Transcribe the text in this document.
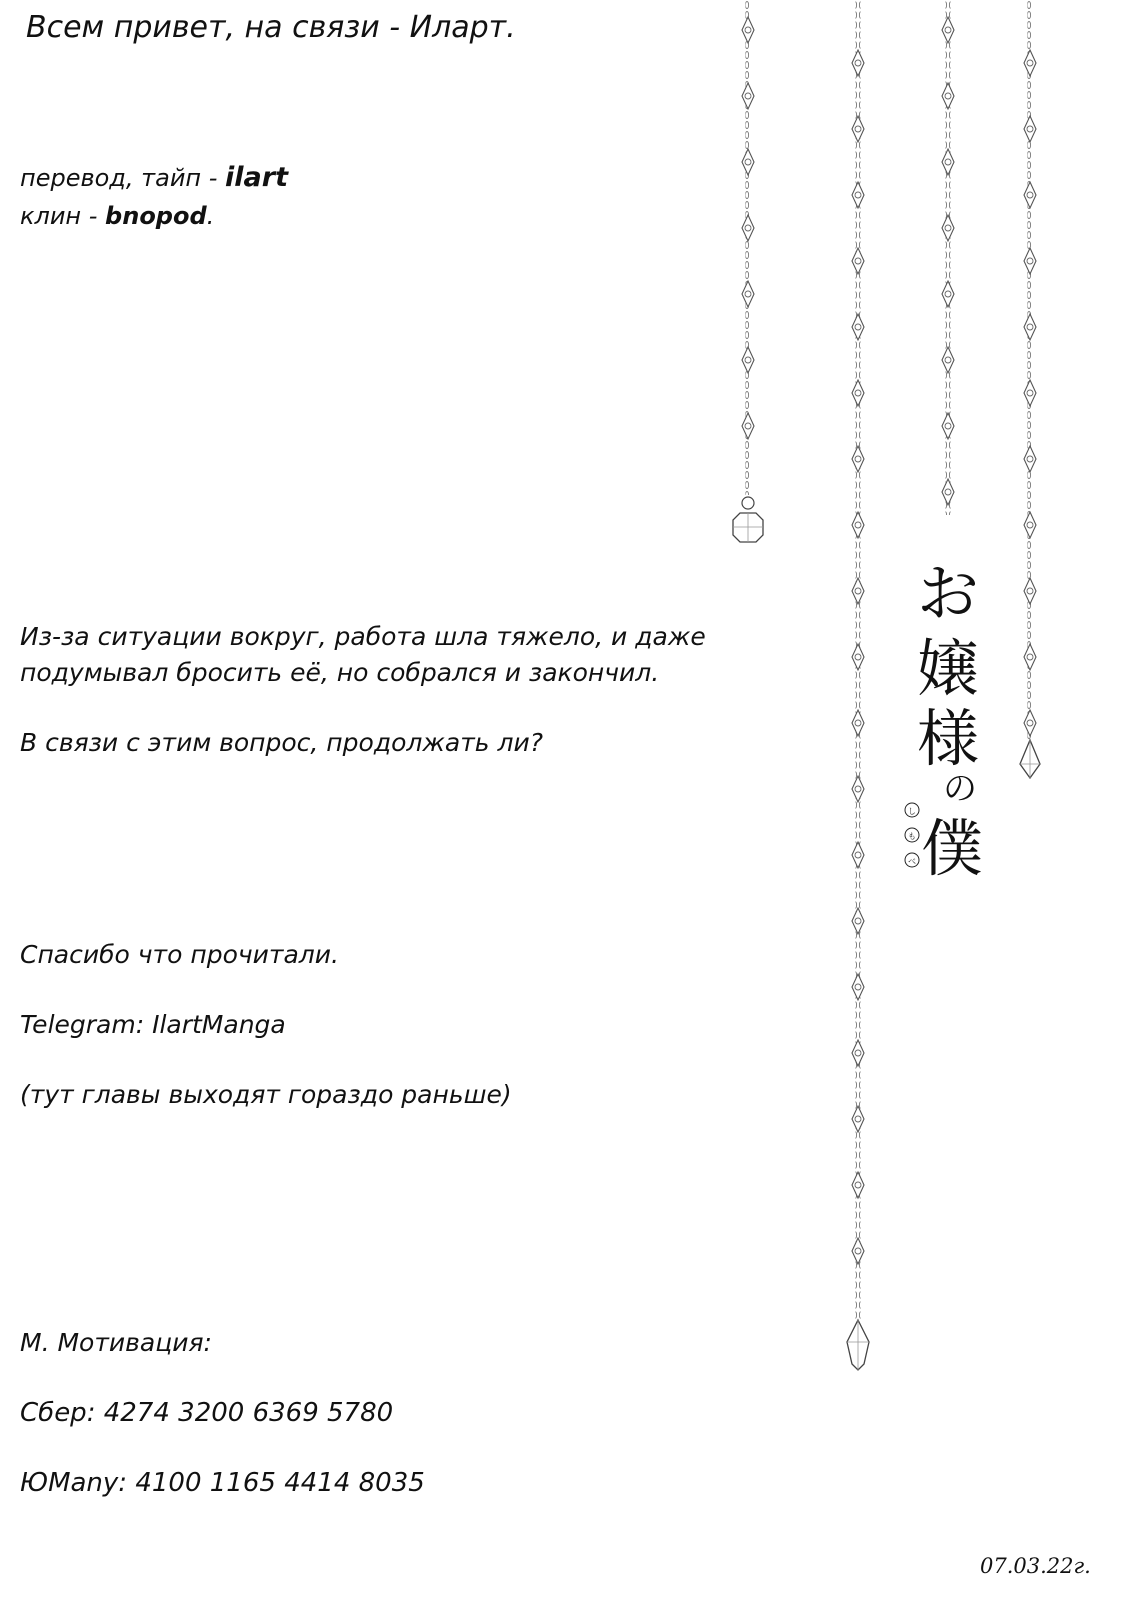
Всем привет, на связи - Иларт.

перевод, тайп - ilart

клин - bnopod.

Из-за ситуации вокруг, работа шла тяжело, и даже

подумывал бросить её, но собрался и закончил.

В связи с этим вопрос, продолжать ли?

Спасибо что прочитали.

Telegram: IlartManga

(тут главы выходят гораздо раньше)

М. Мотивация:

Сбер: 4274 3200 6369 5780

ЮMany: 4100 1165 4414 8035

07.03.22г.

お
嬢
様
の
僕
し
も
べ
